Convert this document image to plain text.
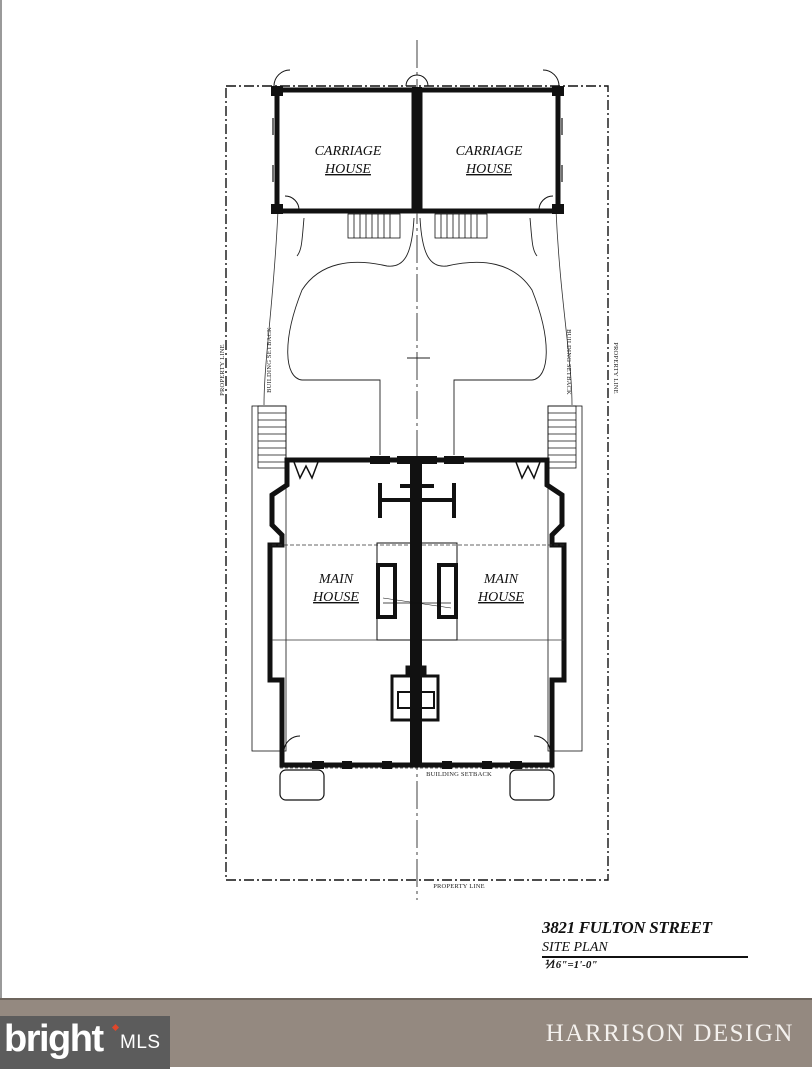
CARRIAGE
HOUSE
CARRIAGE
HOUSE
MAIN
HOUSE
MAIN
HOUSE
PROPERTY LINE
BUILDING SETBACK
PROPERTY LINE	PROPERTY LINE
BUILDING SETBACK	BUILDING SETBACK
3821 FULTON STREET
SITE PLAN
⅟16"=1'-0"
bright MLS	HARRISON DESIGN
